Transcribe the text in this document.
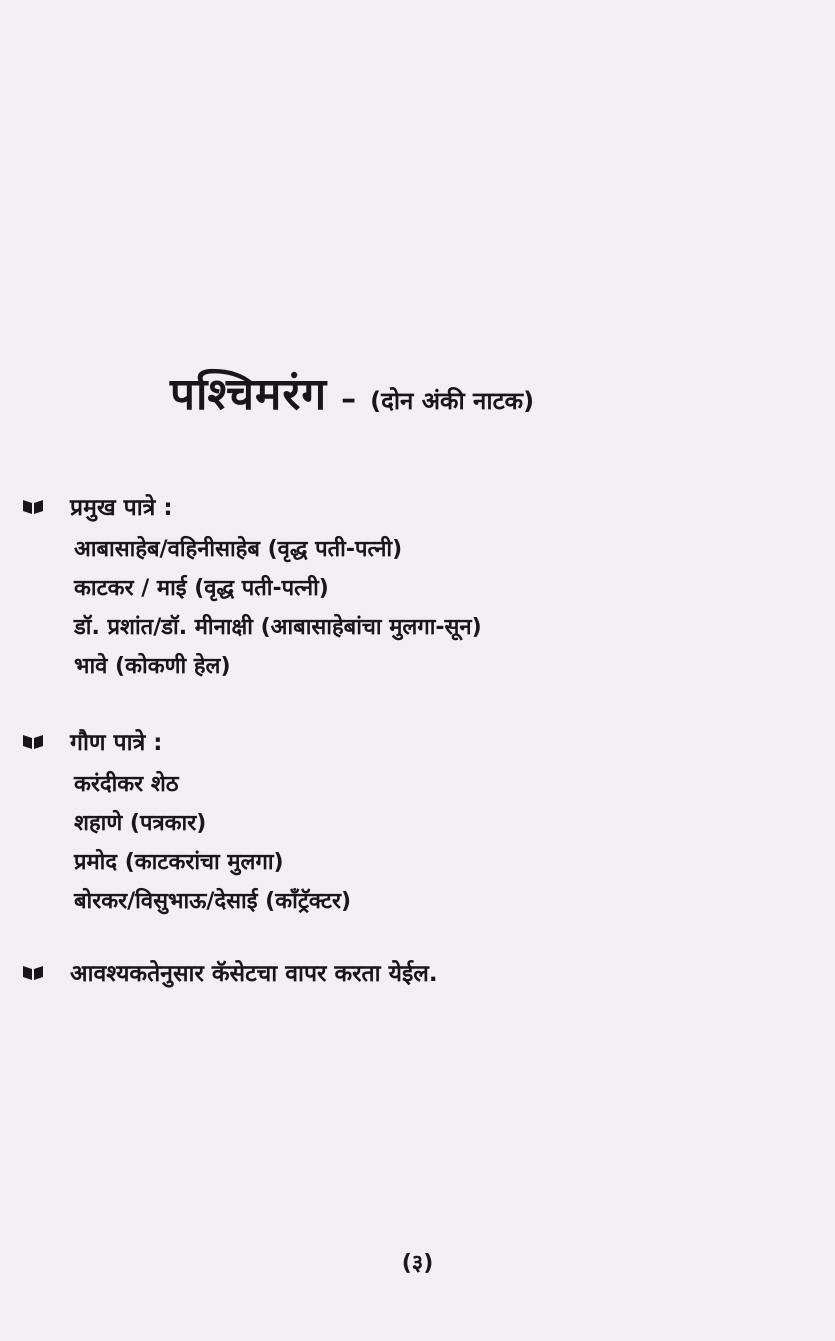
पश्चिमरंग – (दोन अंकी नाटक)
प्रमुख पात्रे :
आबासाहेब/वहिनीसाहेब (वृद्ध पती-पत्नी)
काटकर / माई (वृद्ध पती-पत्नी)
डॉ. प्रशांत/डॉ. मीनाक्षी (आबासाहेबांचा मुलगा-सून)
भावे (कोकणी हेल)
गौण पात्रे :
करंदीकर शेठ
शहाणे (पत्रकार)
प्रमोद (काटकरांचा मुलगा)
बोरकर/विसुभाऊ/देसाई (कॉंट्रॅक्टर)
आवश्यकतेनुसार कॅसेटचा वापर करता येईल.
(३)
